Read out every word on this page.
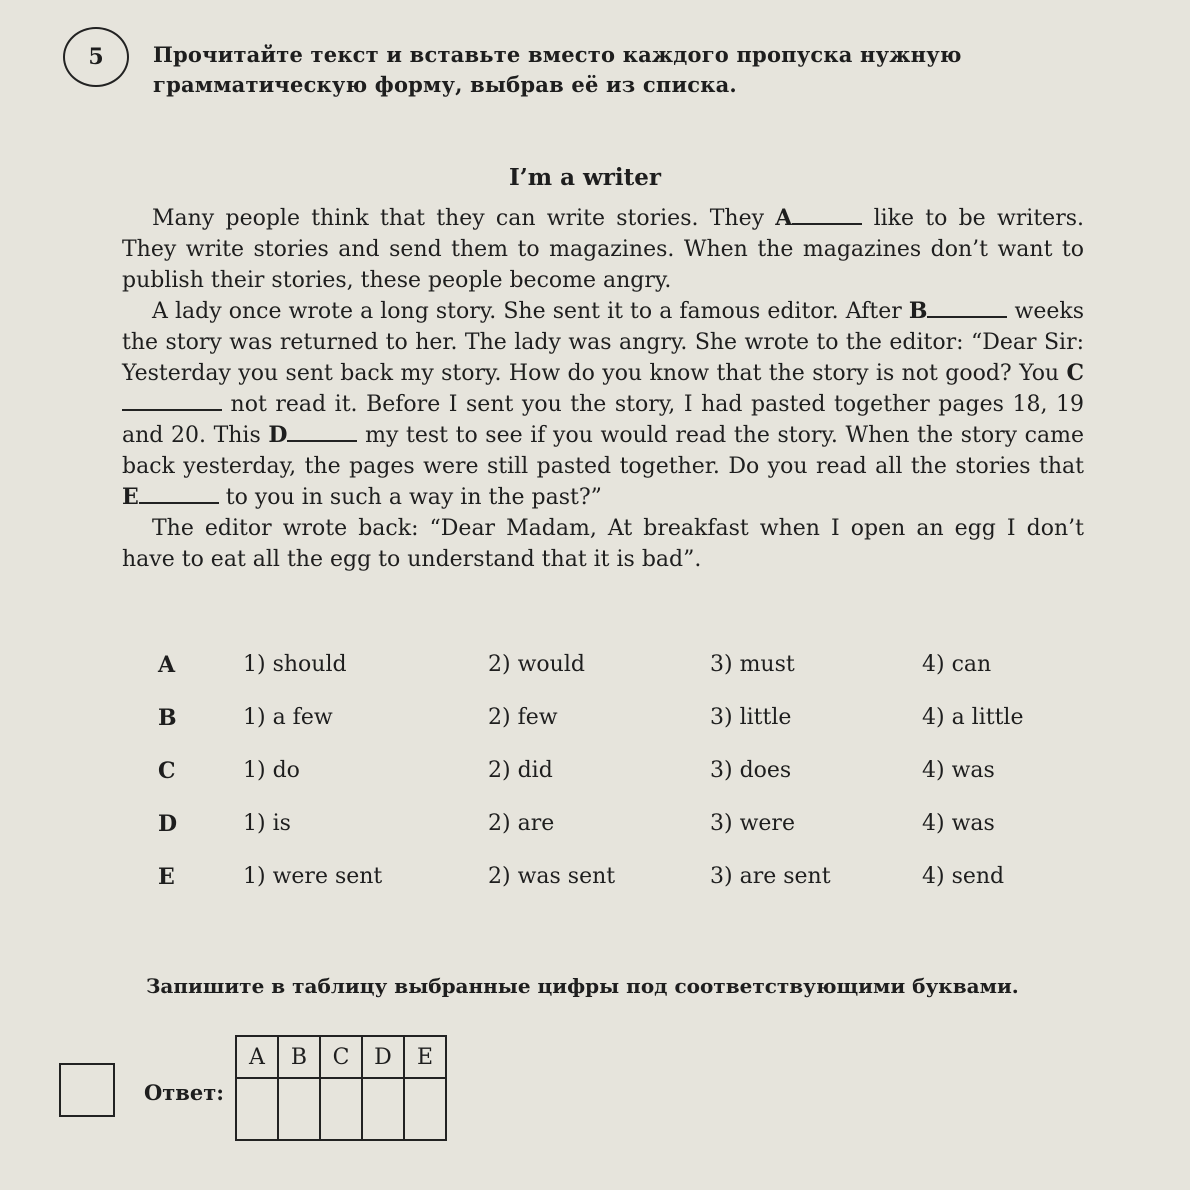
5 Прочитайте текст и вставьте вместо каждого пропуска нужную грамматическую форму, выбрав её из списка.
I’m a writer

Many people think that they can write stories. They A	like to be writers. They write stories and send them to magazines. When the magazines don’t want to publish their stories, these people become angry.

A lady once wrote a long story. She sent it to a famous editor. After B	weeks the story was returned to her. The lady was angry. She wrote to the editor: “Dear Sir: Yesterday you sent back my story. How do you know that the story is not good? You C not read it. Before I sent you the story, I had pasted together pages 18, 19 and 20. This D	my test to see if you would read the story. When the story came back yesterday, the pages were still pasted together. Do you read all the stories that E	to you in such a way in the past?”

The editor wrote back: “Dear Madam, At breakfast when I open an egg I don’t have to eat all the egg to understand that it is bad”.

A	1) should	2) would	3) must	4) can
B	1) a few	2) few	3) little	4) a little
C	1) do	2) did	3) does	4) was
D	1) is	2) are	3) were	4) was
E	1) were sent	2) was sent	3) are sent	4) send
Запишите в таблицу выбранные цифры под соответствующими буквами.
Ответ:
A	B	C	D	E
